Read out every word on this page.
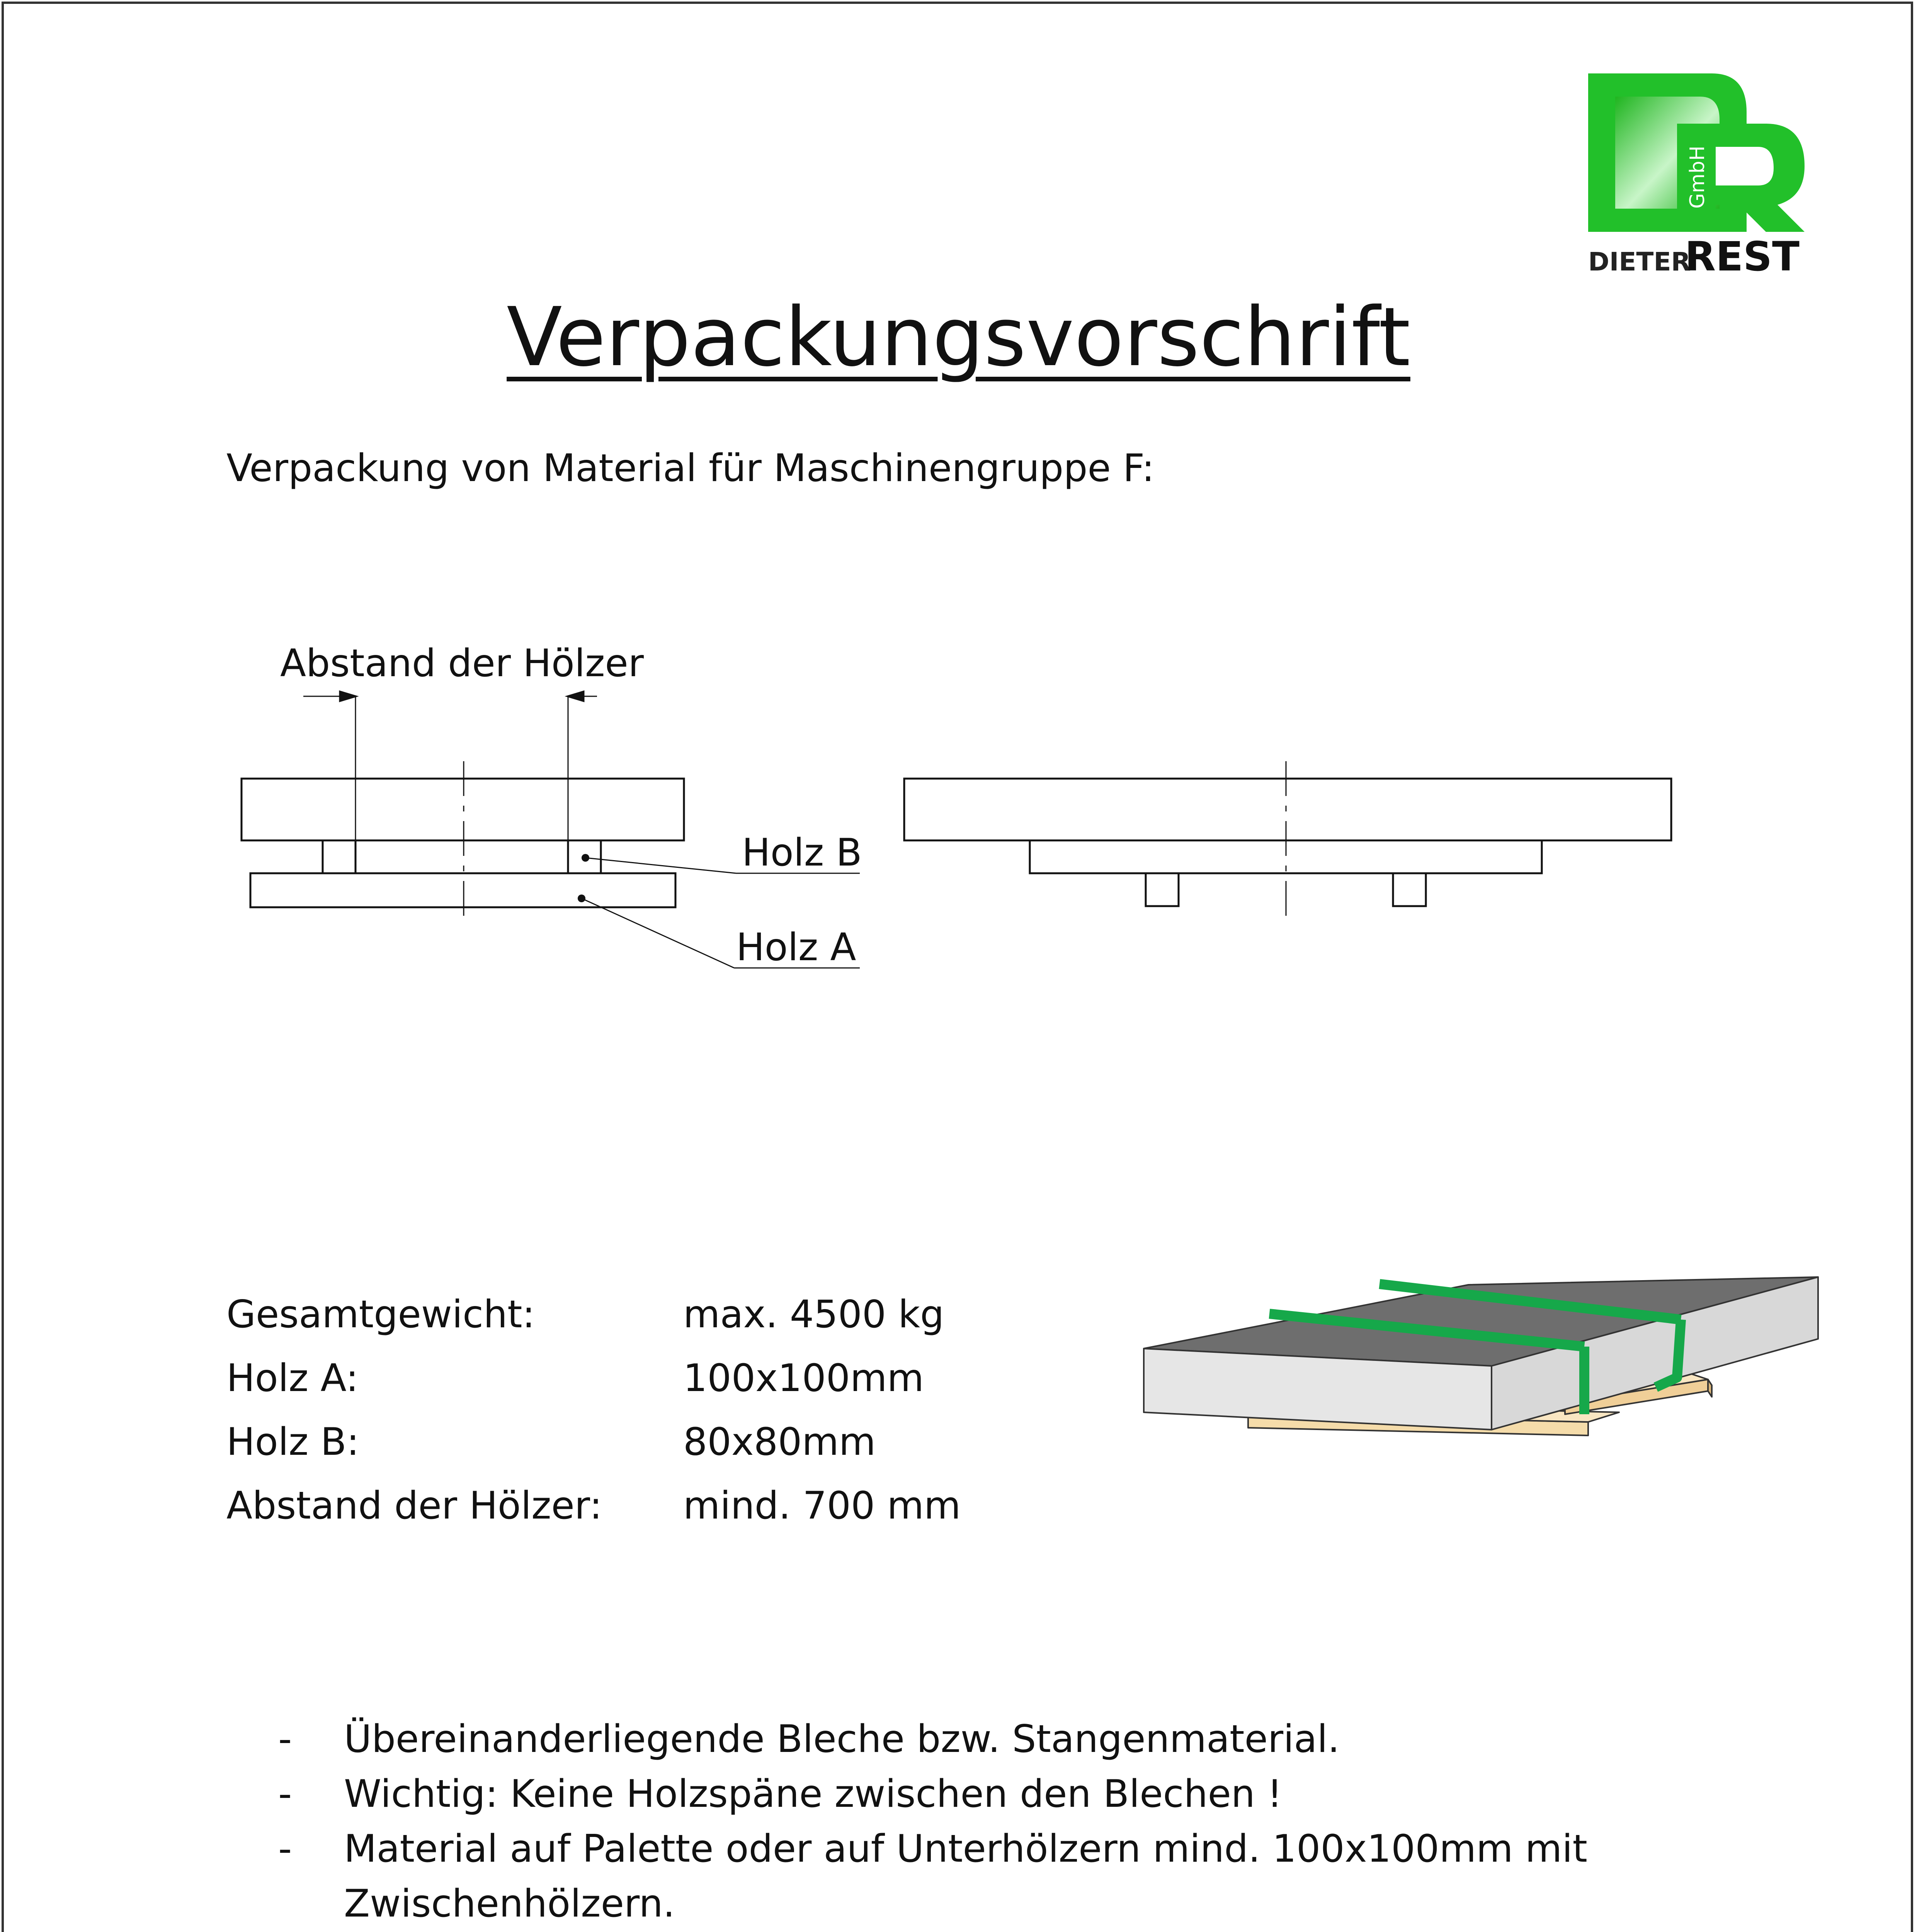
GmbH
DIETER
REST
Verpackungsvorschrift
Verpackung von Material für Maschinengruppe F:
Abstand der Hölzer
Holz B
Holz A
Gesamtgewicht:	max. 4500 kg
Holz A:	100x100mm
Holz B:	80x80mm
Abstand der Hölzer: mind. 700 mm
- Übereinanderliegende Bleche bzw. Stangenmaterial.
- Wichtig: Keine Holzspäne zwischen den Blechen !
- Material auf Palette oder auf Unterhölzern mind. 100x100mm mit Zwischenhölzern.
